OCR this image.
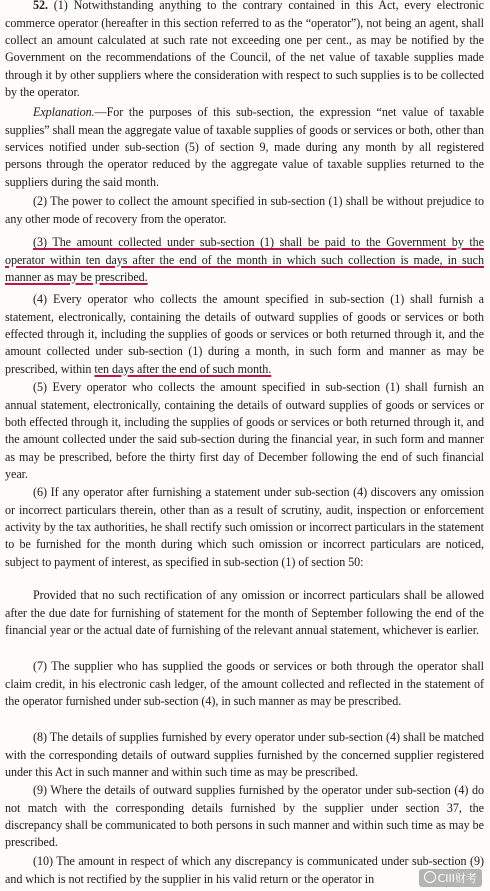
52. (1) Notwithstanding anything to the contrary contained in this Act, every electronic commerce operator (hereafter in this section referred to as the “operator”), not being an agent, shall collect an amount calculated at such rate not exceeding one per cent., as may be notified by the Government on the recommendations of the Council, of the net value of taxable supplies made through it by other suppliers where the consideration with respect to such supplies is to be collected by the operator.

Explanation.—For the purposes of this sub-section, the expression “net value of taxable supplies” shall mean the aggregate value of taxable supplies of goods or services or both, other than services notified under sub-section (5) of section 9, made during any month by all registered persons through the operator reduced by the aggregate value of taxable supplies returned to the suppliers during the said month.

(2) The power to collect the amount specified in sub-section (1) shall be without prejudice to any other mode of recovery from the operator.

(3) The amount collected under sub-section (1) shall be paid to the Government by the operator within ten days after the end of the month in which such collection is made, in such manner as may be prescribed.

(4) Every operator who collects the amount specified in sub-section (1) shall furnish a statement, electronically, containing the details of outward supplies of goods or services or both effected through it, including the supplies of goods or services or both returned through it, and the amount collected under sub-section (1) during a month, in such form and manner as may be prescribed, within ten days after the end of such month.

(5) Every operator who collects the amount specified in sub-section (1) shall furnish an annual statement, electronically, containing the details of outward supplies of goods or services or both effected through it, including the supplies of goods or services or both returned through it, and the amount collected under the said sub-section during the financial year, in such form and manner as may be prescribed, before the thirty first day of December following the end of such financial year.

(6) If any operator after furnishing a statement under sub-section (4) discovers any omission or incorrect particulars therein, other than as a result of scrutiny, audit, inspection or enforcement activity by the tax authorities, he shall rectify such omission or incorrect particulars in the statement to be furnished for the month during which such omission or incorrect particulars are noticed, subject to payment of interest, as specified in sub-section (1) of section 50:

Provided that no such rectification of any omission or incorrect particulars shall be allowed after the due date for furnishing of statement for the month of September following the end of the financial year or the actual date of furnishing of the relevant annual statement, whichever is earlier.

(7) The supplier who has supplied the goods or services or both through the operator shall claim credit, in his electronic cash ledger, of the amount collected and reflected in the statement of the operator furnished under sub-section (4), in such manner as may be prescribed.

(8) The details of supplies furnished by every operator under sub-section (4) shall be matched with the corresponding details of outward supplies furnished by the concerned supplier registered under this Act in such manner and within such time as may be prescribed.

(9) Where the details of outward supplies furnished by the operator under sub-section (4) do not match with the corresponding details furnished by the supplier under section 37, the discrepancy shall be communicated to both persons in such manner and within such time as may be prescribed.

(10) The amount in respect of which any discrepancy is communicated under sub-section (9) and which is not rectified by the supplier in his valid return or the operator in	CIII财考
